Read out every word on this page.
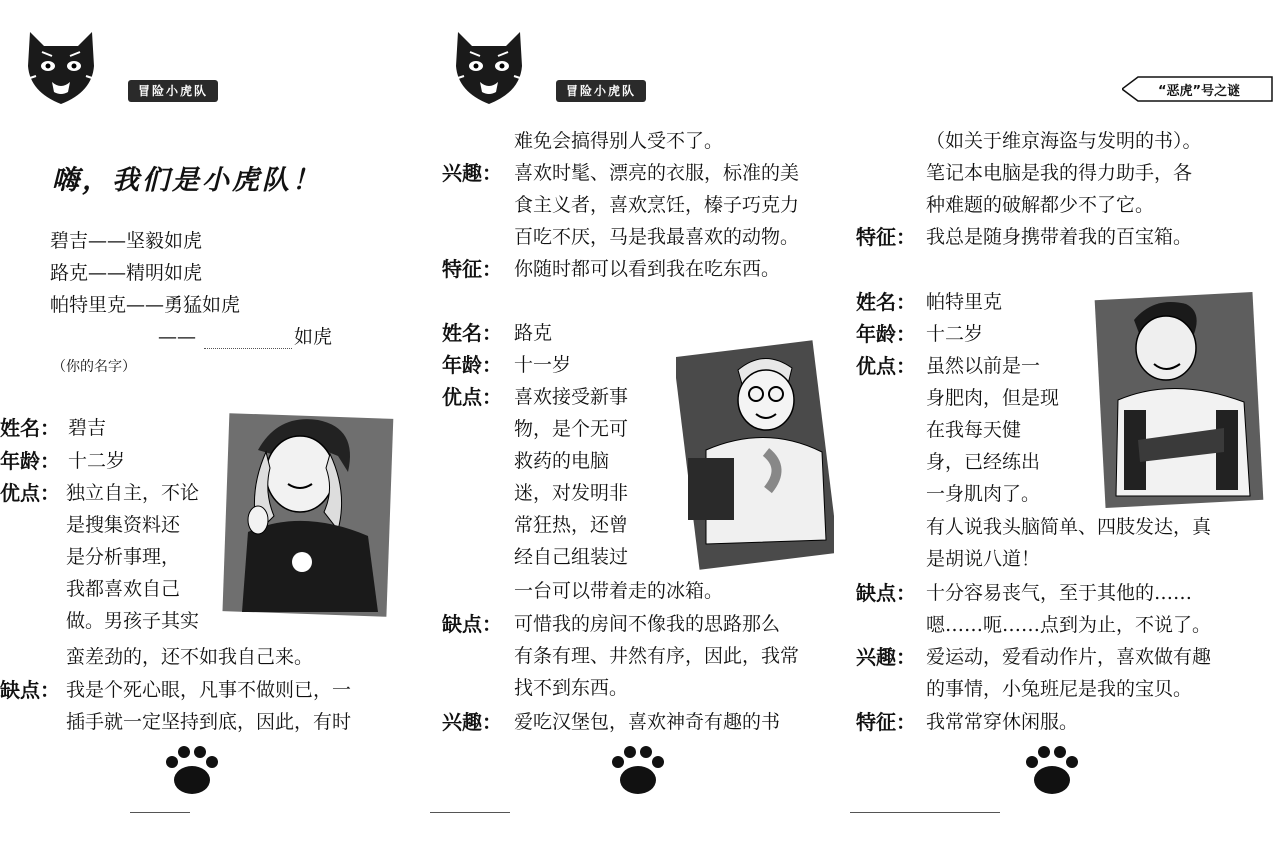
冒险小虎队
嗨，我们是小虎队！
碧吉——坚毅如虎
路克——精明如虎
帕特里克——勇猛如虎
——	如虎
（你的名字）
姓名： 碧吉
年龄： 十二岁
优点： 独立自主，不论
是搜集资料还
是分析事理，
我都喜欢自己
做。男孩子其实
蛮差劲的，还不如我自己来。
缺点： 我是个死心眼，凡事不做则已，一
插手就一定坚持到底，因此，有时
冒险小虎队
难免会搞得别人受不了。
兴趣： 喜欢时髦、漂亮的衣服，标准的美
食主义者，喜欢烹饪，榛子巧克力
百吃不厌，马是我最喜欢的动物。
特征： 你随时都可以看到我在吃东西。
姓名： 路克
年龄： 十一岁
优点： 喜欢接受新事
物，是个无可
救药的电脑
迷，对发明非
常狂热，还曾
经自己组装过
一台可以带着走的冰箱。
缺点： 可惜我的房间不像我的思路那么
有条有理、井然有序，因此，我常
找不到东西。
兴趣： 爱吃汉堡包，喜欢神奇有趣的书
“恶虎”号之谜
（如关于维京海盗与发明的书）。
笔记本电脑是我的得力助手，各
种难题的破解都少不了它。
特征： 我总是随身携带着我的百宝箱。
姓名： 帕特里克
年龄： 十二岁
优点： 虽然以前是一
身肥肉，但是现
在我每天健
身，已经练出
一身肌肉了。
有人说我头脑简单、四肢发达，真
是胡说八道！
缺点： 十分容易丧气，至于其他的……
嗯……呃……点到为止，不说了。
兴趣： 爱运动，爱看动作片，喜欢做有趣
的事情，小兔班尼是我的宝贝。
特征： 我常常穿休闲服。
